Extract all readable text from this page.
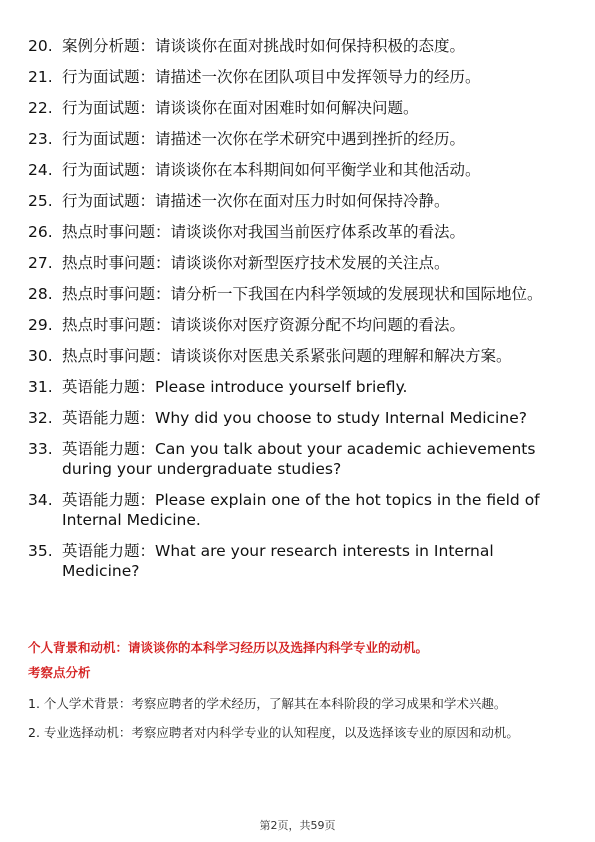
20. 案例分析题：请谈谈你在面对挑战时如何保持积极的态度。
21. 行为面试题：请描述一次你在团队项目中发挥领导力的经历。
22. 行为面试题：请谈谈你在面对困难时如何解决问题。
23. 行为面试题：请描述一次你在学术研究中遇到挫折的经历。
24. 行为面试题：请谈谈你在本科期间如何平衡学业和其他活动。
25. 行为面试题：请描述一次你在面对压力时如何保持冷静。
26. 热点时事问题：请谈谈你对我国当前医疗体系改革的看法。
27. 热点时事问题：请谈谈你对新型医疗技术发展的关注点。
28. 热点时事问题：请分析一下我国在内科学领域的发展现状和国际地位。
29. 热点时事问题：请谈谈你对医疗资源分配不均问题的看法。
30. 热点时事问题：请谈谈你对医患关系紧张问题的理解和解决方案。
31. 英语能力题：Please introduce yourself briefly.
32. 英语能力题：Why did you choose to study Internal Medicine?
33. 英语能力题：Can you talk about your academic achievements during your undergraduate studies?
34. 英语能力题：Please explain one of the hot topics in the field of Internal Medicine.
35. 英语能力题：What are your research interests in Internal Medicine?

个人背景和动机：请谈谈你的本科学习经历以及选择内科学专业的动机。

考察点分析

1. 个人学术背景：考察应聘者的学术经历，了解其在本科阶段的学习成果和学术兴趣。

2. 专业选择动机：考察应聘者对内科学专业的认知程度，以及选择该专业的原因和动机。

第2页，共59页
